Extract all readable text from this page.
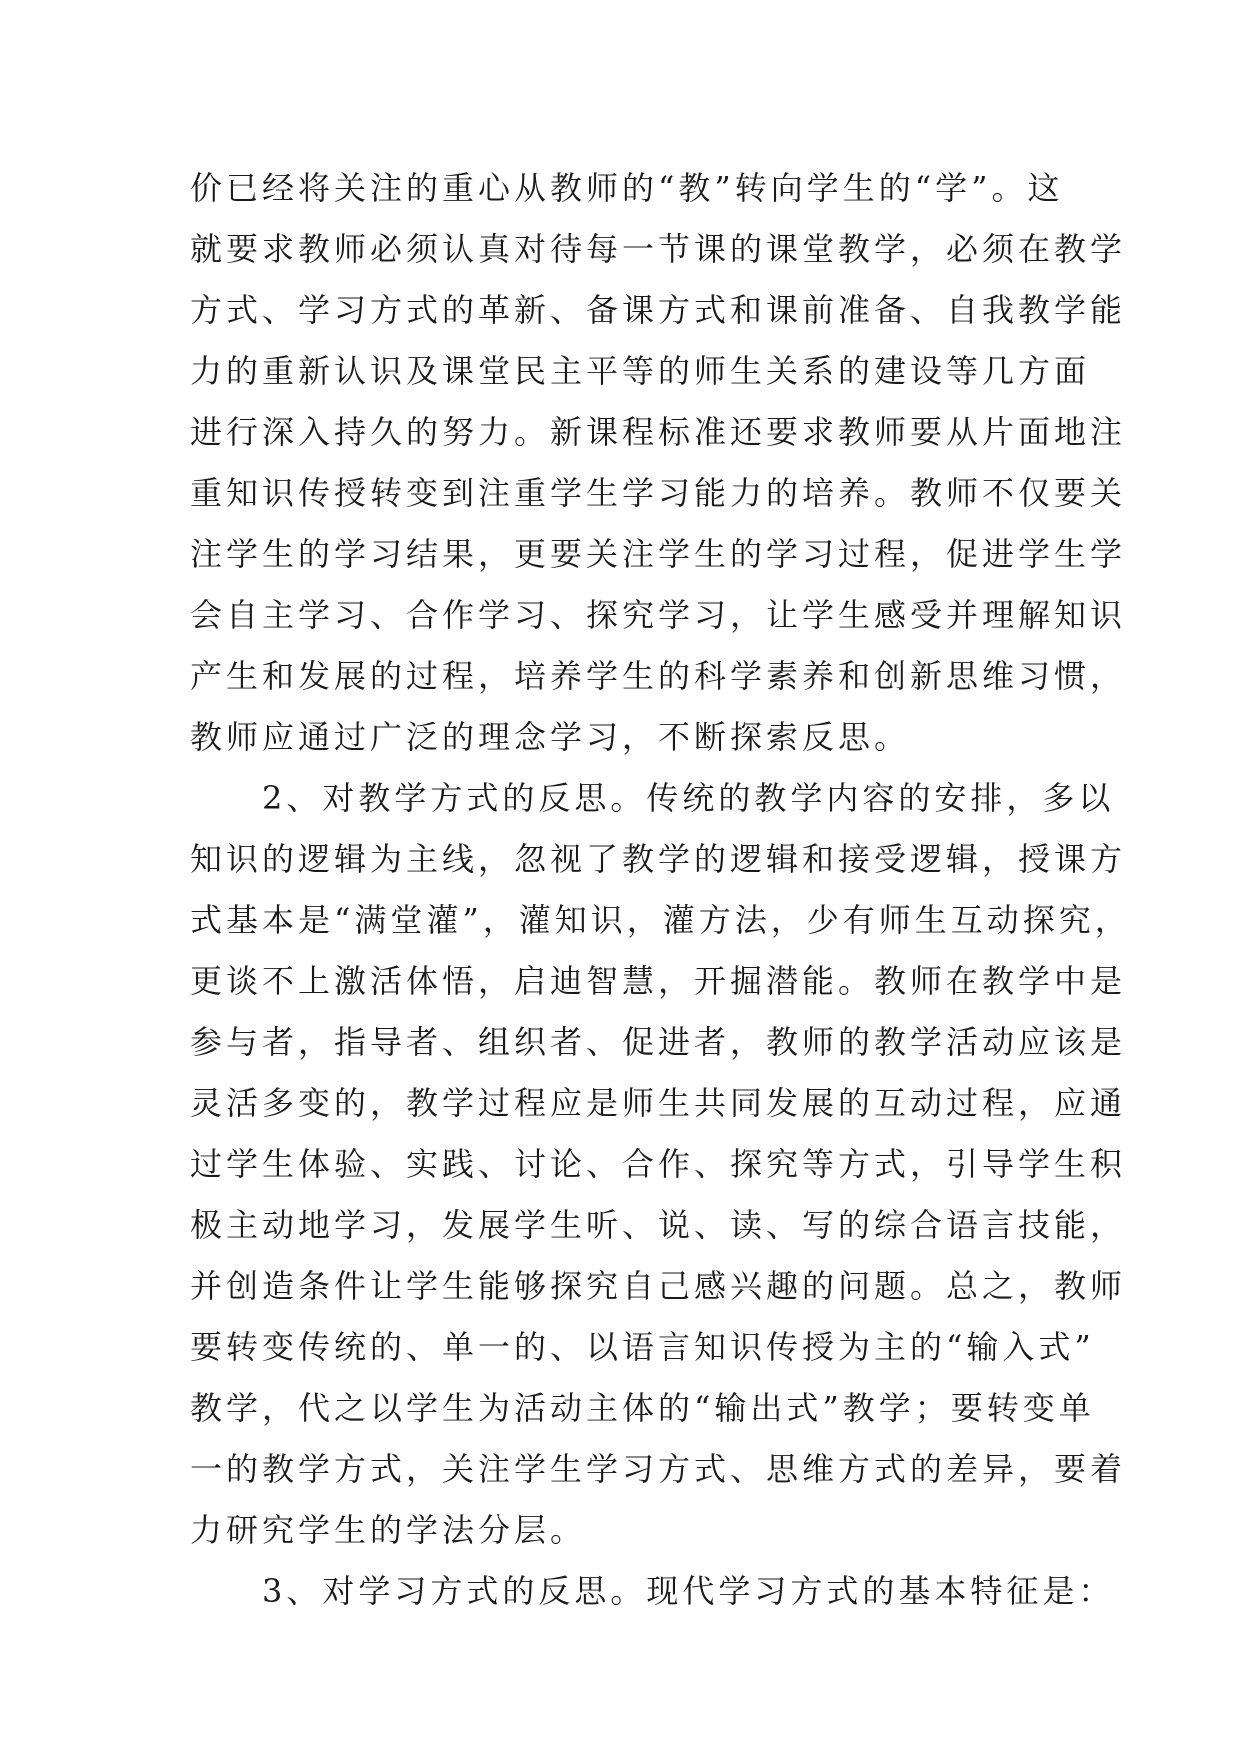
价已经将关注的重心从教师的“教”转向学生的“学”。这
就要求教师必须认真对待每一节课的课堂教学，必须在教学
方式、学习方式的革新、备课方式和课前准备、自我教学能
力的重新认识及课堂民主平等的师生关系的建设等几方面
进行深入持久的努力。新课程标准还要求教师要从片面地注
重知识传授转变到注重学生学习能力的培养。教师不仅要关
注学生的学习结果，更要关注学生的学习过程，促进学生学
会自主学习、合作学习、探究学习，让学生感受并理解知识
产生和发展的过程，培养学生的科学素养和创新思维习惯，
教师应通过广泛的理念学习，不断探索反思。
　　2、对教学方式的反思。传统的教学内容的安排，多以
知识的逻辑为主线，忽视了教学的逻辑和接受逻辑，授课方
式基本是“满堂灌”，灌知识，灌方法，少有师生互动探究，
更谈不上激活体悟，启迪智慧，开掘潜能。教师在教学中是
参与者，指导者、组织者、促进者，教师的教学活动应该是
灵活多变的，教学过程应是师生共同发展的互动过程，应通
过学生体验、实践、讨论、合作、探究等方式，引导学生积
极主动地学习，发展学生听、说、读、写的综合语言技能，
并创造条件让学生能够探究自己感兴趣的问题。总之，教师
要转变传统的、单一的、以语言知识传授为主的“输入式”
教学，代之以学生为活动主体的“输出式”教学；要转变单
一的教学方式，关注学生学习方式、思维方式的差异，要着
力研究学生的学法分层。
　　3、对学习方式的反思。现代学习方式的基本特征是：
